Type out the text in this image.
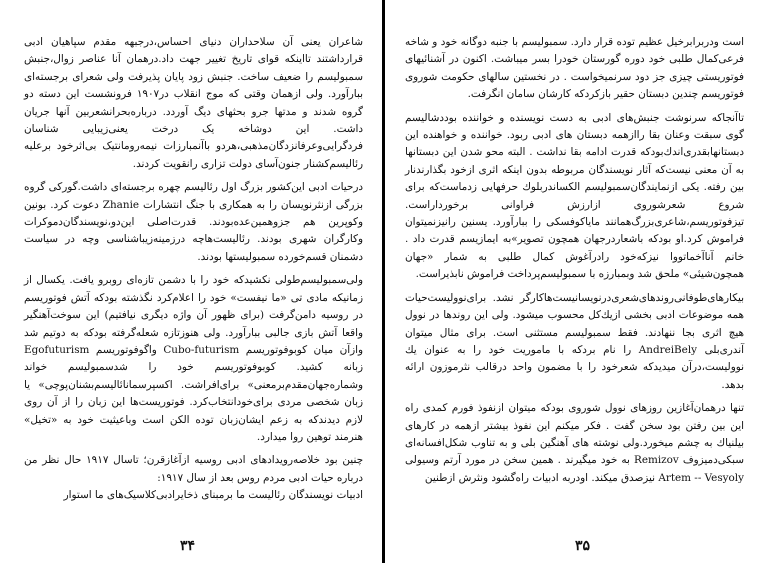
شاعران یعنی آن سلاحداران دنیای احساس،درجبهه مقدم سپاهیان ادبی قرارداشتند تااینکه قوای تاریخ تغییر جهت داد.درهمان آنا عناصر زوال،جنبش سمبولیسم را ضعیف ساخت. جنبش زود پایان پذیرفت ولی شعرای برجسته‌ای ببارآورد. ولی ازهمان وقتی که موج انقلاب در۱۹۰۷ فرونشست این دسته دو گروه شدند و مدتها جرو بحثهای دیگ آوردد. درباره‌بحرانشعربین آنها جریان داشت. این دوشاخه یک درخت یعنی‌زیبایی شناسان فردگرایی‌وعرفانزدگان‌مذهبی،هردو باآنمبارزات نیمه‌رومانتیک بی‌اثرخود برعلیه رئالیسم‌کشنار جنون‌آسای دولت تزاری رانقویت کردند.

درحیات ادبی این‌کشور بزرگ اول رئالیسم چهره برجسته‌ای داشت.گورکی گروه بزرگی ازنثرنویسان را به همکاری با جنگ انتشارات Zhanie دعوت کرد. بونین وکوپرین هم جزوهمین‌عده‌بودند. قدرت‌اصلی این‌دو،نویسندگان‌دموکرات وکارگران شهری بودند. رئالیست‌هاچه درزمینه‌زیباشناسی وچه در سیاست دشمنان قسم‌خورده سمبولیستها بودند.

ولی‌سمبولیسم‌طولی نکشیدکه خود را با دشمن تازه‌ای روبرو یافت. یکسال از زمانیکه مادی تی «ما نیفست» خود را اعلام‌کرد نگذشته بودکه آتش فوتوریسم در روسیه دامن‌گرفت (برای ظهور آن واژه دیگری نیافتیم) این سوخت‌آهنگیر واقعا آتش بازی جالبی ببارآورد. ولی هنوزتازه شعله‌گرفته بودکه به دوتیم شد وازآن میان کوبوفوتوریسم Cubo-futurism واگوفوتوریسم Egofuturism زبانه‌ کشید. کوبوفوتوریسم خود را شدسمبولیسم خواند وشماره‌جهان‌مقدم‌برمعنی» برای‌افراشت. اکسپرسمانائالیسم‌بشنان‌پوچی» یا زبان شخصی مردی برای‌خودانتخاب‌کرد. فوتوریست‌ها این زبان را از آن روی لازم دیدندکه به زعم ایشان‌زبان توده الکن است وباعیثیت خود به «تخیل» هنرمند توهین روا میدارد.

چنین بود خلاصه‌رویدادهای ادبی روسیه ازآغازقرن؛ تاسال ۱۹۱۷ حال نظر من درباره حیات ادبی مردم روس بعد از سال ۱۹۱۷:

ادبیات نویسندگان رئالیست ما برمبنای ذخایرادبی‌کلاسیک‌های ما استوار

۳۴

است ودربرابرخیل عظیم توده قرار دارد. سمبولیسم با جنبه دوگانه خود و شاخه فرعی‌کمال طلبی خود دوره گورستان خودرا بسر میباشت. اکنون در آشنائیهای فوتوریستی چیزی جز دود سرنمیخواست . در نخستین سالهای حکومت شوروی فوتوریسم چندین دبستان حقیر بازکردکه کارشان سامان انگرفت.

تاآنجاکه سرنوشت جنبش‌های ادبی به دست نویسنده و خواننده بوددشالیسم گوی سبقت وعنان بقا راازهمه دبستان های ادبی ربود. خواننده و خواهنده این دبستانهابقدری‌اندك‌بودکه قدرت ادامه بقا نداشت . البته محو شدن این دبستانها به آن معنی نیست‌که آثار نویسندگان مربوطه بدون اینکه اثری ازخود بگذارندنار بین رفته. یکی ازنمایندگان‌سمبولیسم الکساندربلوك حرفهایی زدماست‌که برای شروع شعرشوروی ازارزش فراوانی برخورداراست. تیزفوتوریسم،شاعری‌بزرگ‌همانند مایاکوفسکی را ببارآورد. یسنین رانیزنمیتوان فراموش کرد.او بودکه باشعاردرجهان همچون تصویر»به ایمازیسم قدرت داد . خانم آناآخماتووا نیزکه‌خود رادرآغوش کمال طلبی به شمار «جهان همچون‌شیئی» ملحق شد وبمبارزه با سمبولیسم‌پرداخت فراموش نابذیراست.

بیکارهای‌طوفانی‌روندهای‌شعری‌درنویسانیست‌ها‌کارگر نشد. برای‌نوولیست‌حیات همه موضوعات ادبی بخشی ازیك‌کل محسوب میشود. ولی این روندها در نوول هیچ اثری بجا ننهادند. فقط سمبولیسم مستثنی است. برای مثال میتوان آندری‌بلی AndreiBely را نام برد‌که با ماموریت خود را به عنوان یك نوولیست،درآن میدیدکه شعرخود را با مضمون واحد درقالب نثرموزون ارائه بدهد.

تنها درهمان‌آغازین روزهای نوول شوروی بودکه میتوان ازنفوذ فورم کمدی راه این بین رفتن بود سخن گفت . فکر میکنم این نفوذ بیشتر ازهمه در کارهای بیلنیاك به چشم میخورد.ولی نوشته های آهنگین بلی و به تناوب شکل‌افسانه‌ای سبکی‌دمیزوف Remizov به خود میگیرند . همین سخن در مورد آرتم وسیولی Artem -- Vesyoly نیزصدق میکند. اودربه ادبیات راه‌گشود ونثرش ازطنین

۳۵
